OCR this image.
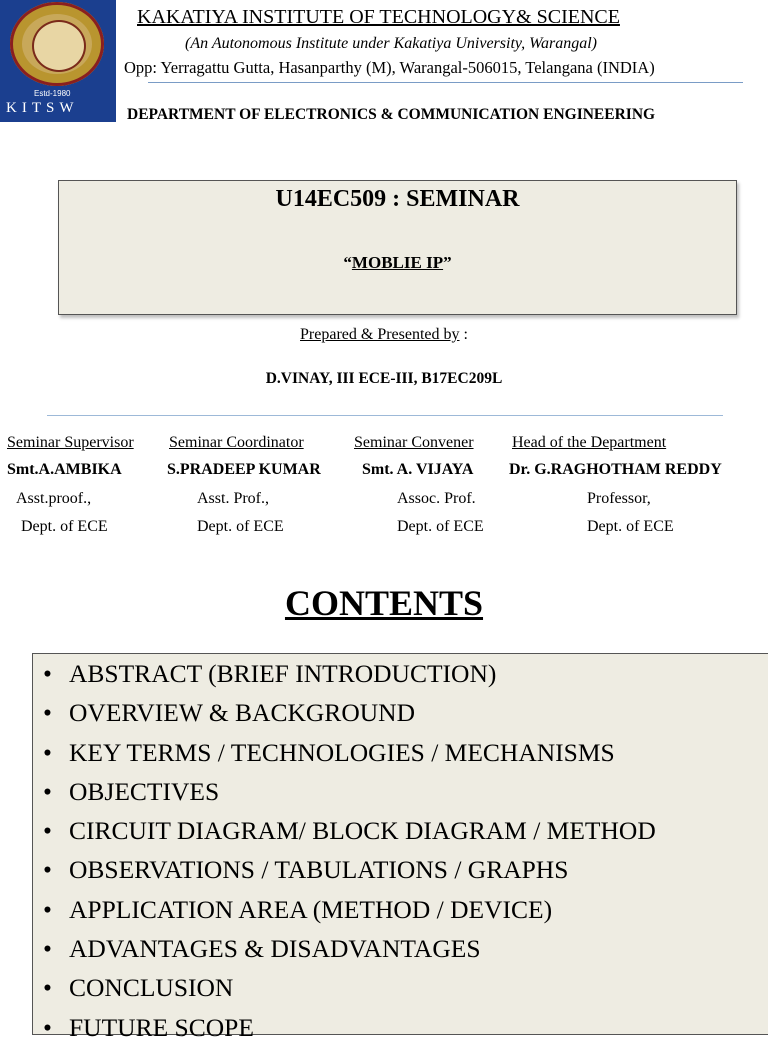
Estd-1980
KITSW
KAKATIYA INSTITUTE OF TECHNOLOGY& SCIENCE
(An Autonomous Institute under Kakatiya University, Warangal)
Opp: Yerragattu Gutta, Hasanparthy (M), Warangal-506015, Telangana (INDIA)
DEPARTMENT OF ELECTRONICS & COMMUNICATION ENGINEERING
U14EC509 : SEMINAR
“MOBLIE IP”
Prepared & Presented by :
D.VINAY, III ECE-III, B17EC209L
Seminar Supervisor
Smt.A.AMBIKA
Asst.proof.,
Dept. of ECE
Seminar Coordinator
S.PRADEEP KUMAR
Asst. Prof.,
Dept. of ECE
Seminar Convener
Smt. A. VIJAYA
Assoc. Prof.
Dept. of ECE
Head of the Department
Dr. G.RAGHOTHAM REDDY
Professor,
Dept. of ECE
CONTENTS
• ABSTRACT (BRIEF INTRODUCTION)
• OVERVIEW & BACKGROUND
• KEY TERMS / TECHNOLOGIES / MECHANISMS
• OBJECTIVES
• CIRCUIT DIAGRAM/ BLOCK DIAGRAM / METHOD
• OBSERVATIONS / TABULATIONS / GRAPHS
• APPLICATION AREA (METHOD / DEVICE)
• ADVANTAGES & DISADVANTAGES
• CONCLUSION
• FUTURE SCOPE
